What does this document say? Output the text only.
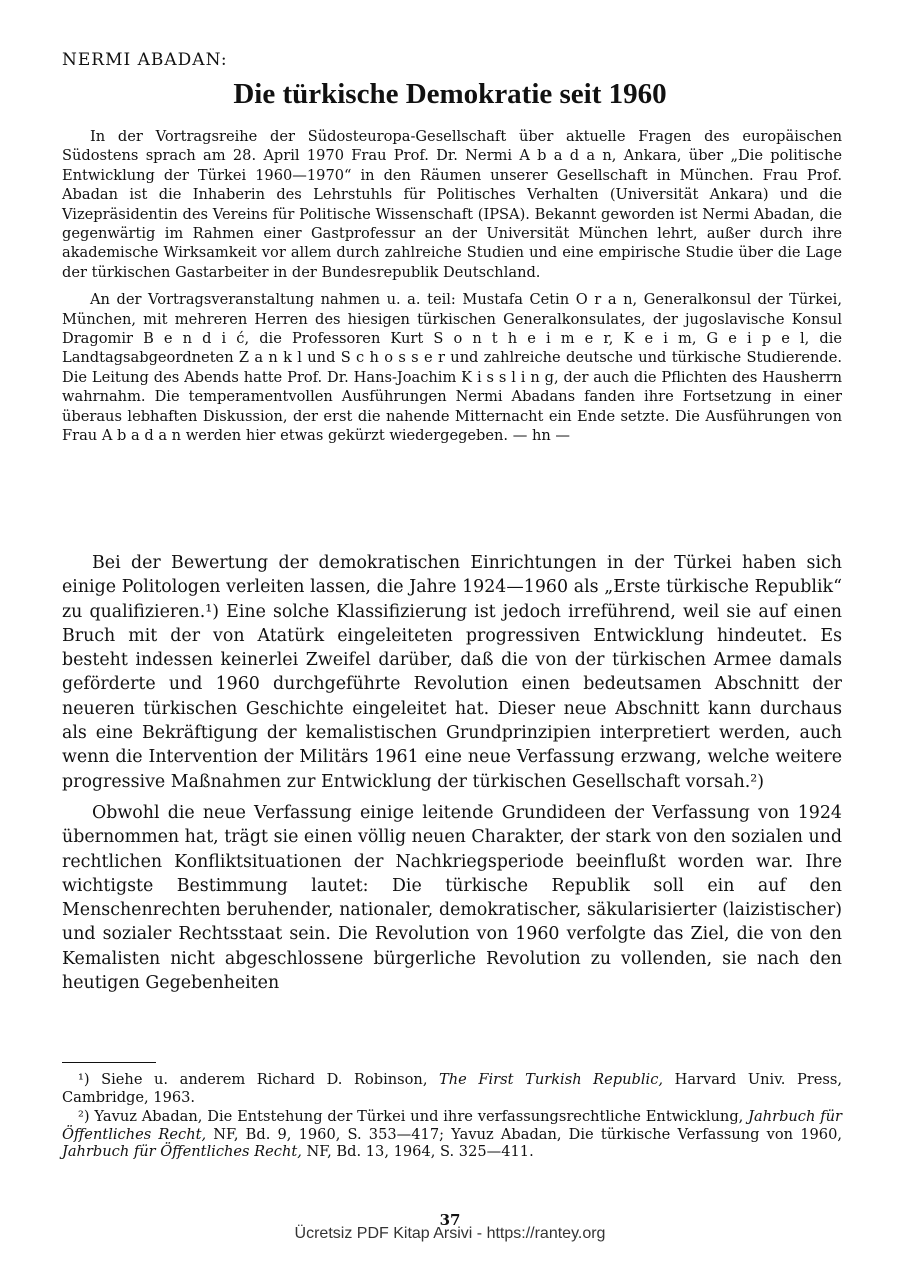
NERMI ABADAN:
Die türkische Demokratie seit 1960

In der Vortragsreihe der Südosteuropa-Gesellschaft über aktuelle Fragen des europäischen Südostens sprach am 28. April 1970 Frau Prof. Dr. Nermi A b a d a n, Ankara, über „Die politische Entwicklung der Türkei 1960—1970“ in den Räumen unserer Gesellschaft in München. Frau Prof. Abadan ist die Inhaberin des Lehrstuhls für Politisches Verhalten (Universität Ankara) und die Vizepräsidentin des Vereins für Politische Wissenschaft (IPSA). Bekannt geworden ist Nermi Abadan, die gegenwärtig im Rahmen einer Gastprofessur an der Universität München lehrt, außer durch ihre akademische Wirksamkeit vor allem durch zahlreiche Studien und eine empirische Studie über die Lage der türkischen Gastarbeiter in der Bundesrepublik Deutschland.

An der Vortragsveranstaltung nahmen u. a. teil: Mustafa Cetin O r a n, Generalkonsul der Türkei, München, mit mehreren Herren des hiesigen türkischen Generalkonsulates, der jugoslavische Konsul Dragomir B e n d i ć, die Professoren Kurt S o n t h e i m e r, K e i m, G e i p e l, die Landtagsabgeordneten Z a n k l und S c h o s s e r und zahlreiche deutsche und türkische Studierende. Die Leitung des Abends hatte Prof. Dr. Hans-Joachim K i s s l i n g, der auch die Pflichten des Hausherrn wahrnahm. Die temperamentvollen Ausführungen Nermi Abadans fanden ihre Fortsetzung in einer überaus lebhaften Diskussion, der erst die nahende Mitternacht ein Ende setzte. Die Ausführungen von Frau A b a d a n werden hier etwas gekürzt wiedergegeben. — hn —

Bei der Bewertung der demokratischen Einrichtungen in der Türkei haben sich einige Politologen verleiten lassen, die Jahre 1924—1960 als „Erste türkische Republik“ zu qualifizieren.¹) Eine solche Klassifizierung ist jedoch irreführend, weil sie auf einen Bruch mit der von Atatürk eingeleiteten progressiven Entwicklung hindeutet. Es besteht indessen keinerlei Zweifel darüber, daß die von der türkischen Armee damals geförderte und 1960 durchgeführte Revolution einen bedeutsamen Abschnitt der neueren türkischen Geschichte eingeleitet hat. Dieser neue Abschnitt kann durchaus als eine Bekräftigung der kemalistischen Grundprinzipien interpretiert werden, auch wenn die Intervention der Militärs 1961 eine neue Verfassung erzwang, welche weitere progressive Maßnahmen zur Entwicklung der türkischen Gesellschaft vorsah.²)

Obwohl die neue Verfassung einige leitende Grundideen der Verfassung von 1924 übernommen hat, trägt sie einen völlig neuen Charakter, der stark von den sozialen und rechtlichen Konfliktsituationen der Nachkriegsperiode beeinflußt worden war. Ihre wichtigste Bestimmung lautet: Die türkische Republik soll ein auf den Menschenrechten beruhender, nationaler, demokratischer, säkularisierter (laizistischer) und sozialer Rechtsstaat sein. Die Revolution von 1960 verfolgte das Ziel, die von den Kemalisten nicht abgeschlossene bürgerliche Revolution zu vollenden, sie nach den heutigen Gegebenheiten

¹) Siehe u. anderem Richard D. Robinson, The First Turkish Republic, Harvard Univ. Press, Cambridge, 1963.

²) Yavuz Abadan, Die Entstehung der Türkei und ihre verfassungsrechtliche Entwicklung, Jahrbuch für Öffentliches Recht, NF, Bd. 9, 1960, S. 353—417; Yavuz Abadan, Die türkische Verfassung von 1960, Jahrbuch für Öffentliches Recht, NF, Bd. 13, 1964, S. 325—411.

37
Ücretsiz PDF Kitap Arsivi - https://rantey.org
